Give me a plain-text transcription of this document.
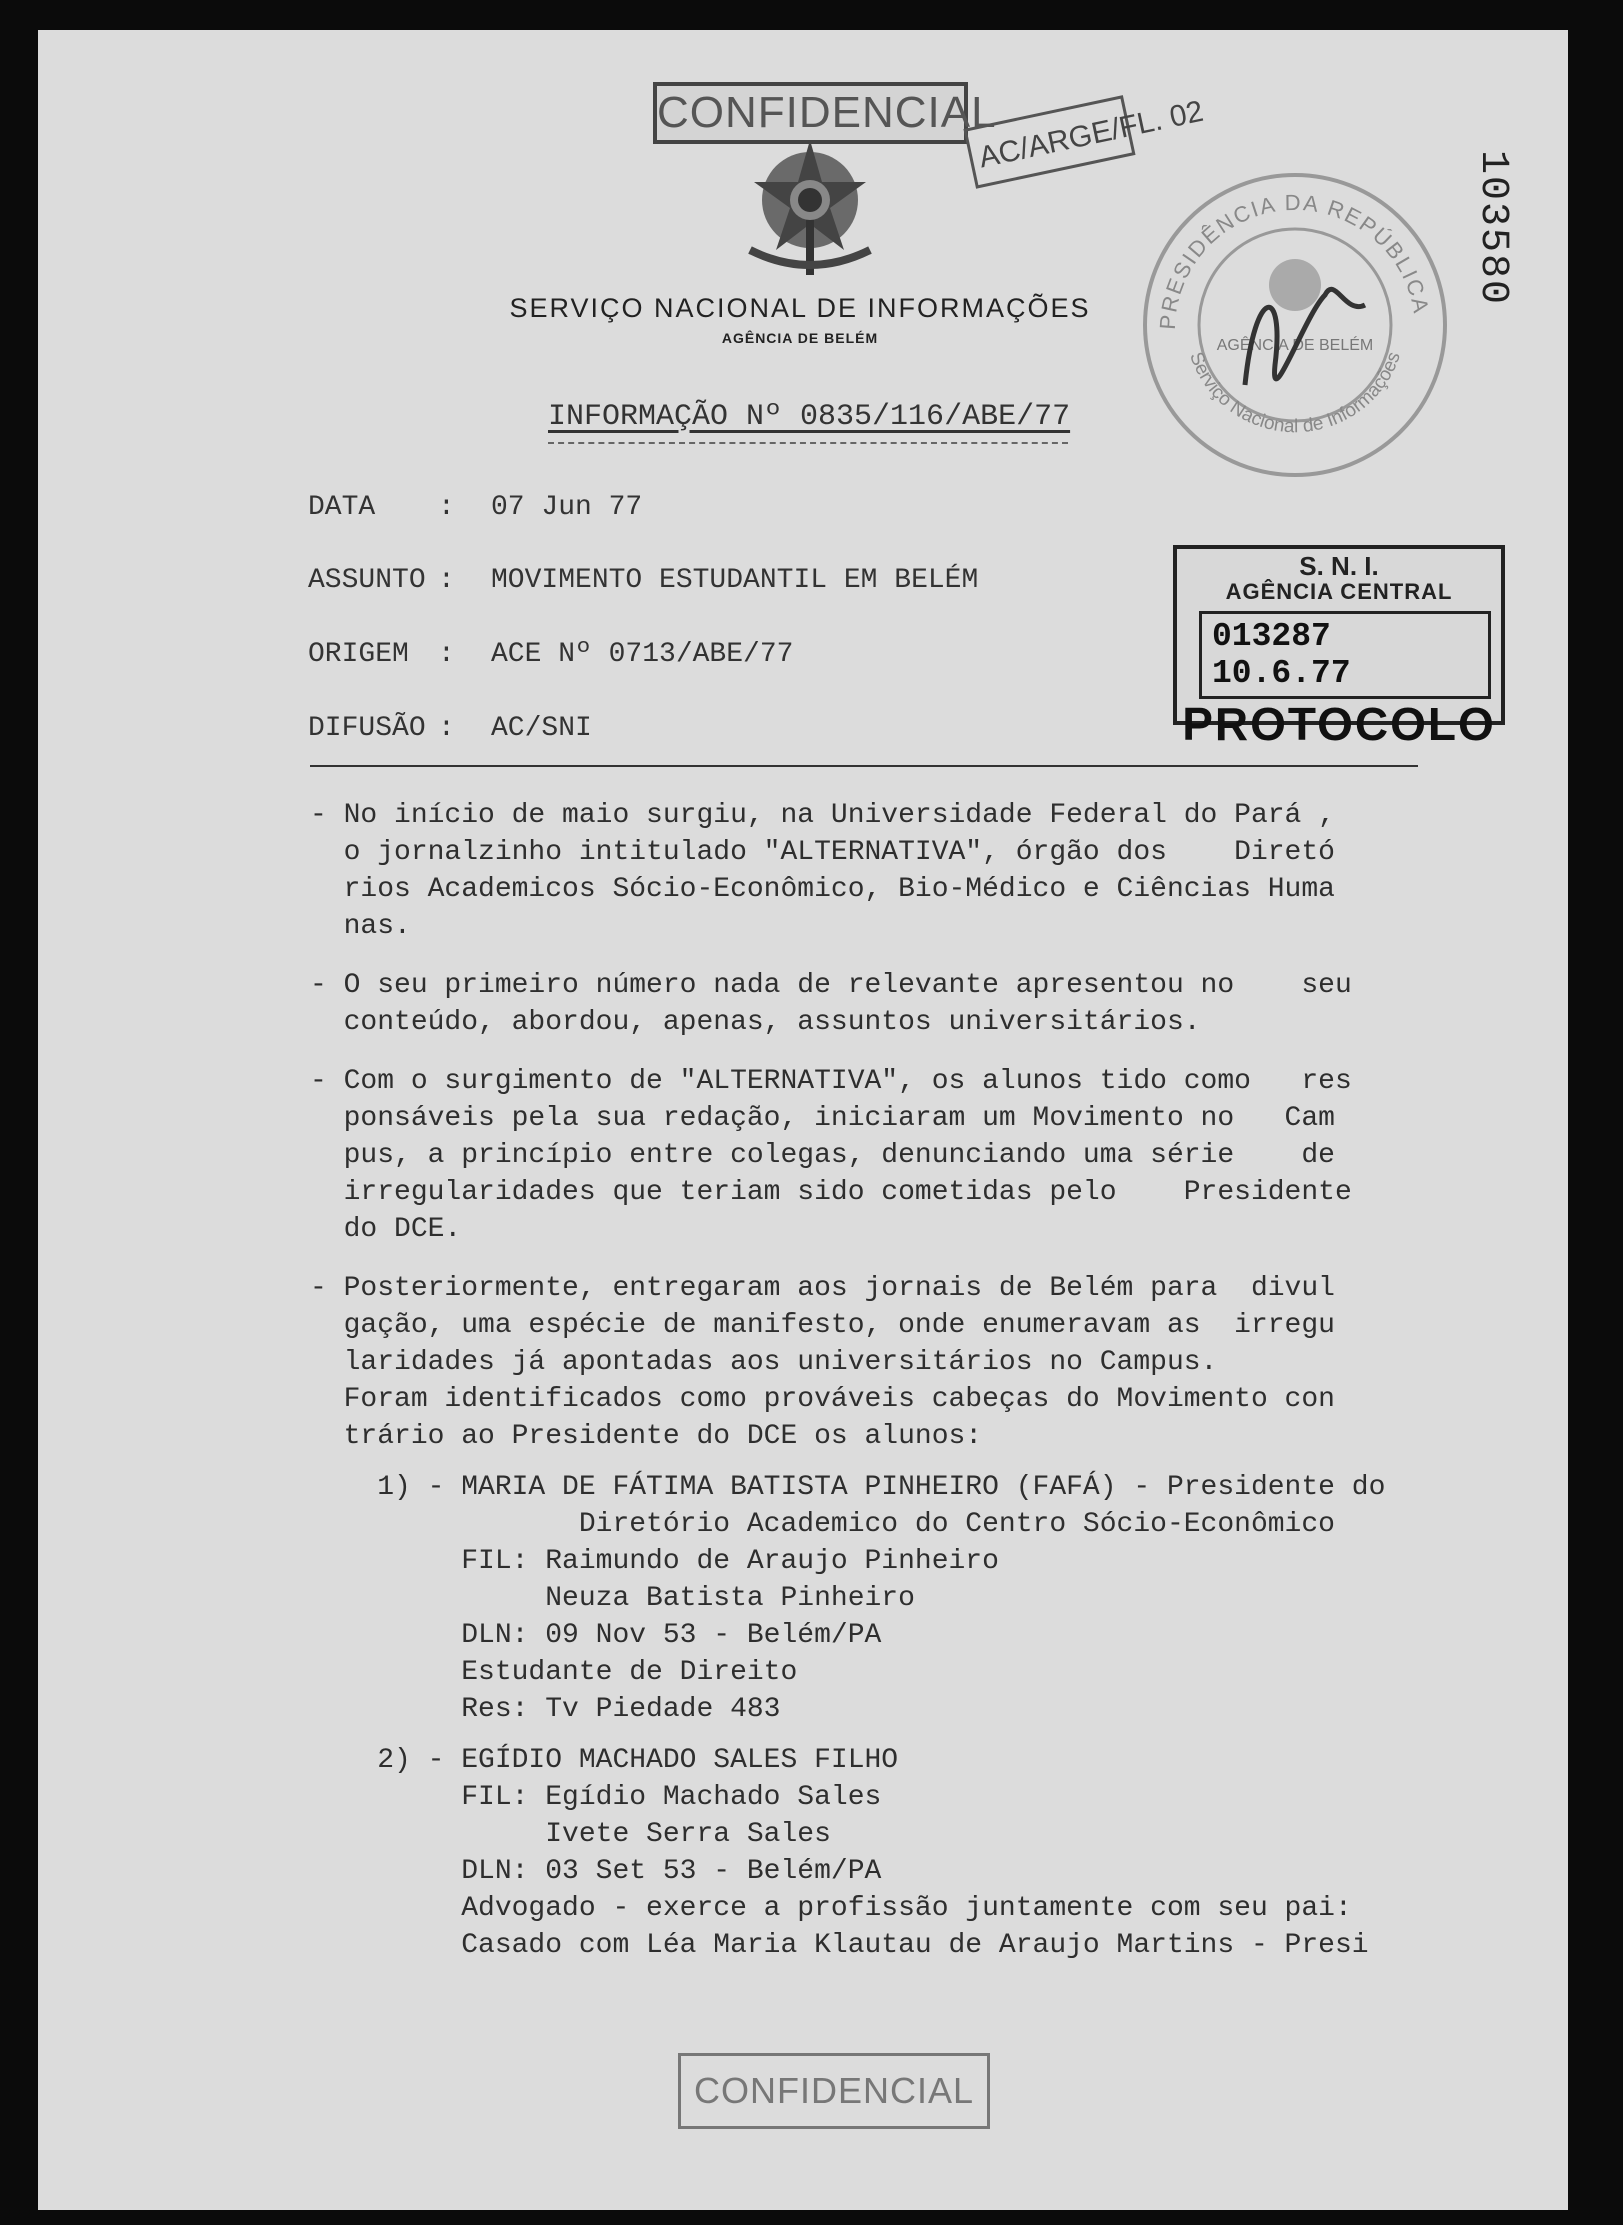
CONFIDENCIAL
AC/ARGE/FL. 02
103580
PRESIDÊNCIA DA REPÚBLICA
Serviço Nacional de Informações
AGÊNCIA DE BELÉM
SERVIÇO NACIONAL DE INFORMAÇÕES
AGÊNCIA DE BELÉM
INFORMAÇÃO Nº 0835/116/ABE/77
DATA : 07 Jun 77
ASSUNTO : MOVIMENTO ESTUDANTIL EM BELÉM
ORIGEM : ACE Nº 0713/ABE/77
DIFUSÃO : AC/SNI
S. N. I.
AGÊNCIA CENTRAL
013287 10.6.77
PROTOCOLO
- No início de maio surgiu, na Universidade Federal do Pará ,
o jornalzinho intitulado "ALTERNATIVA", órgão dos    Diretó
rios Academicos Sócio-Econômico, Bio-Médico e Ciências Huma
nas.
- O seu primeiro número nada de relevante apresentou no    seu
conteúdo, abordou, apenas, assuntos universitários.
- Com o surgimento de "ALTERNATIVA", os alunos tido como   res
ponsáveis pela sua redação, iniciaram um Movimento no   Cam
pus, a princípio entre colegas, denunciando uma série    de
irregularidades que teriam sido cometidas pelo    Presidente
do DCE.
- Posteriormente, entregaram aos jornais de Belém para  divul
gação, uma espécie de manifesto, onde enumeravam as  irregu
laridades já apontadas aos universitários no Campus.
Foram identificados como prováveis cabeças do Movimento con
trário ao Presidente do DCE os alunos:
1) - MARIA DE FÁTIMA BATISTA PINHEIRO (FAFÁ) - Presidente do
Diretório Academico do Centro Sócio-Econômico
FIL: Raimundo de Araujo Pinheiro
Neuza Batista Pinheiro
DLN: 09 Nov 53 - Belém/PA
Estudante de Direito
Res: Tv Piedade 483
2) - EGÍDIO MACHADO SALES FILHO
FIL: Egídio Machado Sales
Ivete Serra Sales
DLN: 03 Set 53 - Belém/PA
Advogado - exerce a profissão juntamente com seu pai:
Casado com Léa Maria Klautau de Araujo Martins - Presi
CONFIDENCIAL
